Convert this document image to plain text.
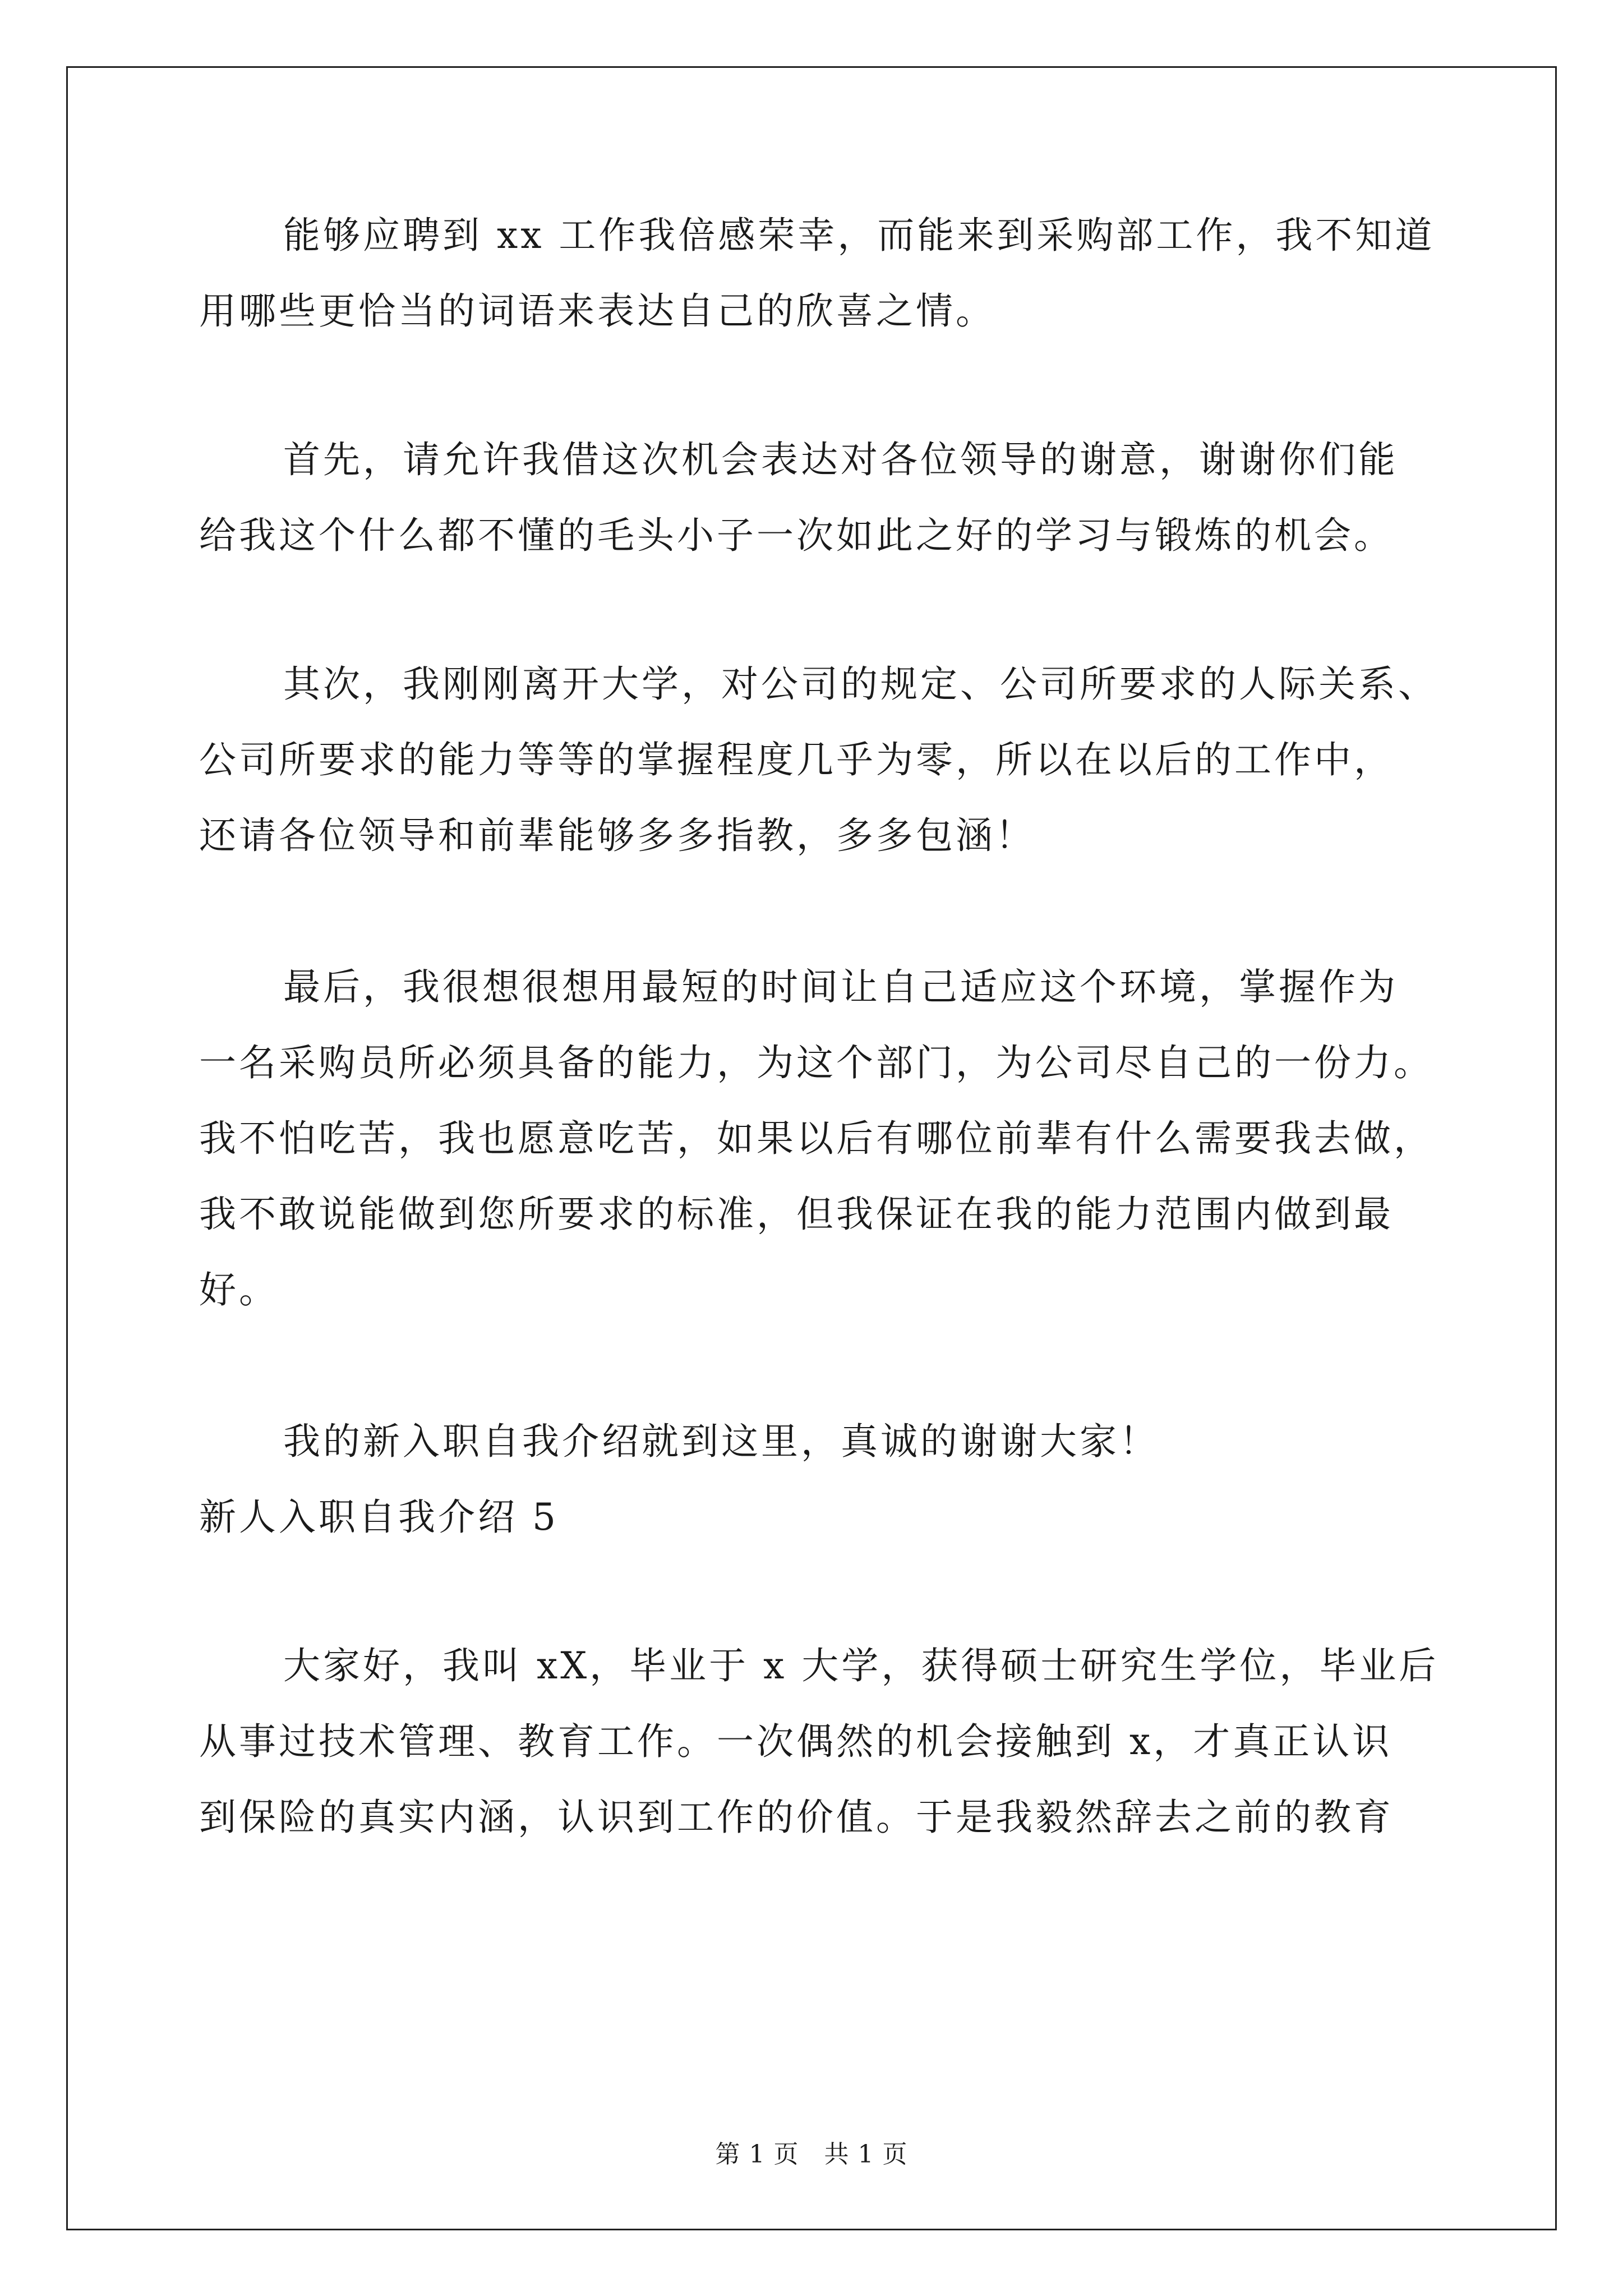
能够应聘到 xx 工作我倍感荣幸，而能来到采购部工作，我不知道

用哪些更恰当的词语来表达自己的欣喜之情。

首先，请允许我借这次机会表达对各位领导的谢意，谢谢你们能

给我这个什么都不懂的毛头小子一次如此之好的学习与锻炼的机会。

其次，我刚刚离开大学，对公司的规定、公司所要求的人际关系、

公司所要求的能力等等的掌握程度几乎为零，所以在以后的工作中，

还请各位领导和前辈能够多多指教，多多包涵！

最后，我很想很想用最短的时间让自己适应这个环境，掌握作为

一名采购员所必须具备的能力，为这个部门，为公司尽自己的一份力。

我不怕吃苦，我也愿意吃苦，如果以后有哪位前辈有什么需要我去做，

我不敢说能做到您所要求的标准，但我保证在我的能力范围内做到最

好。

我的新入职自我介绍就到这里，真诚的谢谢大家！

新人入职自我介绍 5

大家好，我叫 xX，毕业于 x 大学，获得硕士研究生学位，毕业后

从事过技术管理、教育工作。一次偶然的机会接触到 x，才真正认识

到保险的真实内涵，认识到工作的价值。于是我毅然辞去之前的教育

第 1 页　共 1 页
